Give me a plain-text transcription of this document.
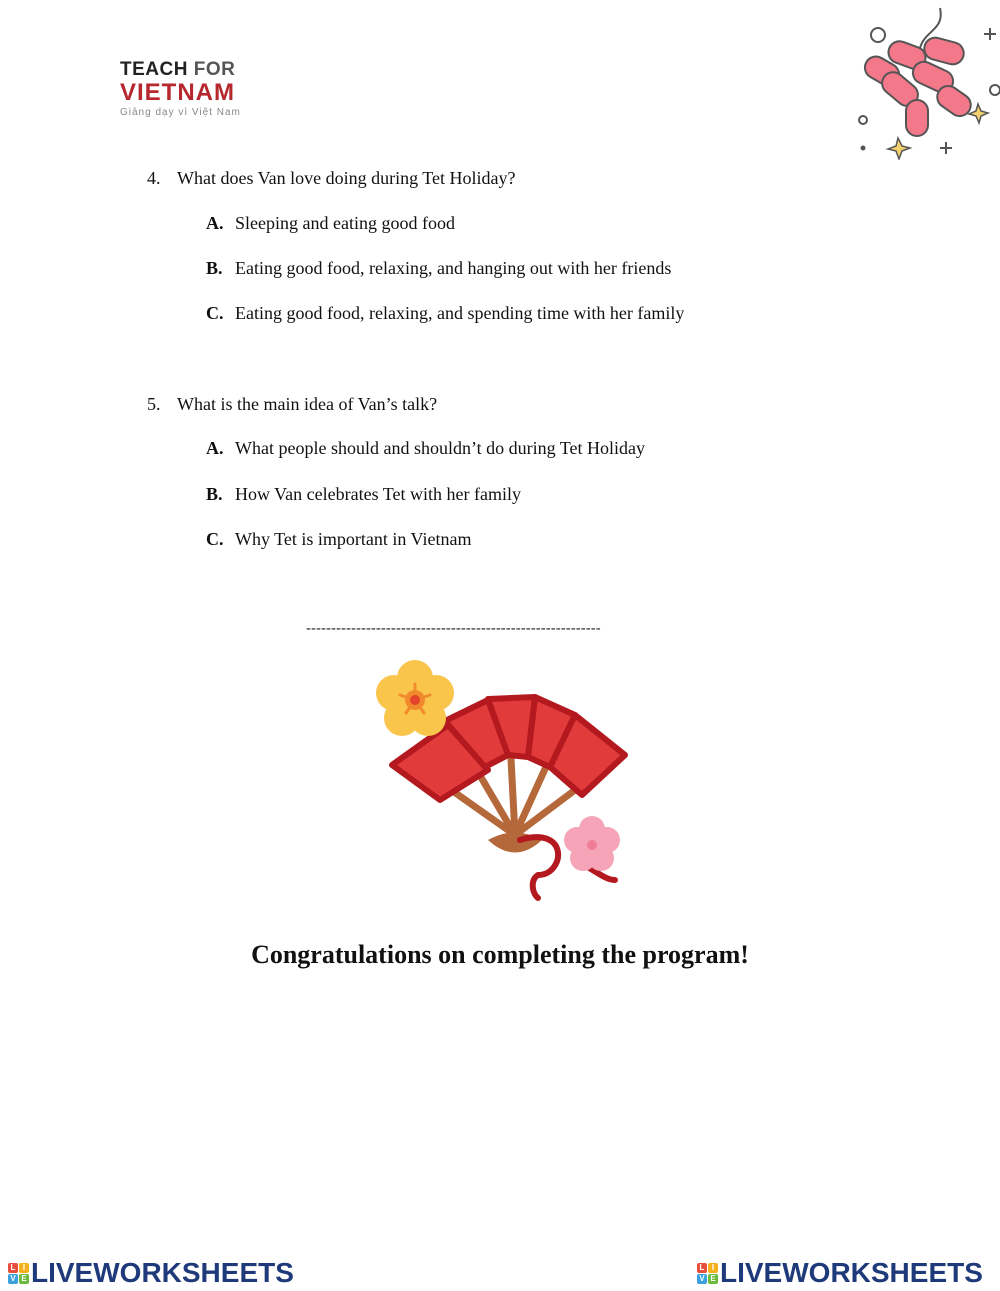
TEACH FOR
VIETNAM
Giảng dạy vì Việt Nam
4. What does Van love doing during Tet Holiday?
A. Sleeping and eating good food
B. Eating good food, relaxing, and hanging out with her friends
C. Eating good food, relaxing, and spending time with her family
5. What is the main idea of Van’s talk?
A. What people should and shouldn’t do during Tet Holiday
B. How Van celebrates Tet with her family
C. Why Tet is important in Vietnam
-----------------------------------------------------------
Congratulations on completing the program!
L I
V E LIVEWORKSHEETS	L I
V E LIVEWORKSHEETS
